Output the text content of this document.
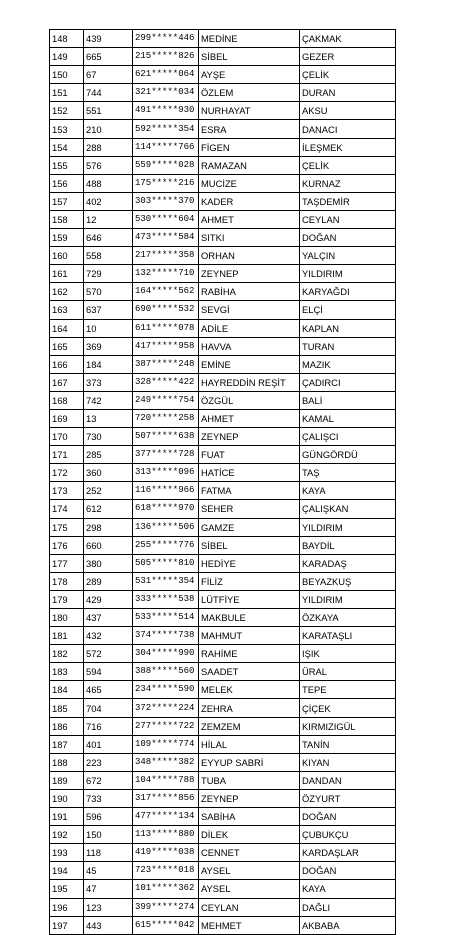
148	439	299*****446	MEDİNE	ÇAKMAK
149	665	215*****826	SİBEL	GEZER
150	67	621*****064	AYŞE	ÇELİK
151	744	321*****034	ÖZLEM	DURAN
152	551	491*****930	NURHAYAT	AKSU
153	210	592*****354	ESRA	DANACI
154	288	114*****766	FİGEN	İLEŞMEK
155	576	559*****028	RAMAZAN	ÇELİK
156	488	175*****216	MUCİZE	KURNAZ
157	402	303*****370	KADER	TAŞDEMİR
158	12	530*****604	AHMET	CEYLAN
159	646	473*****584	SITKI	DOĞAN
160	558	217*****358	ORHAN	YALÇIN
161	729	132*****710	ZEYNEP	YILDIRIM
162	570	164*****562	RABİHA	KARYAĞDI
163	637	690*****532	SEVGİ	ELÇİ
164	10	611*****078	ADİLE	KAPLAN
165	369	417*****958	HAVVA	TURAN
166	184	387*****248	EMİNE	MAZIK
167	373	328*****422	HAYREDDİN REŞİT	ÇADIRCI
168	742	249*****754	ÖZGÜL	BALİ
169	13	720*****258	AHMET	KAMAL
170	730	507*****638	ZEYNEP	ÇALIŞCI
171	285	377*****728	FUAT	GÜNGÖRDÜ
172	360	313*****096	HATİCE	TAŞ
173	252	116*****966	FATMA	KAYA
174	612	618*****970	SEHER	ÇALIŞKAN
175	298	136*****506	GAMZE	YILDIRIM
176	660	255*****776	SİBEL	BAYDİL
177	380	505*****810	HEDİYE	KARADAŞ
178	289	531*****354	FİLİZ	BEYAZKUŞ
179	429	333*****538	LÜTFİYE	YILDIRIM
180	437	533*****514	MAKBULE	ÖZKAYA
181	432	374*****738	MAHMUT	KARATAŞLI
182	572	304*****990	RAHİME	IŞIK
183	594	388*****560	SAADET	ÜRAL
184	465	234*****590	MELEK	TEPE
185	704	372*****224	ZEHRA	ÇİÇEK
186	716	277*****722	ZEMZEM	KIRMIZIGÜL
187	401	109*****774	HİLAL	TANİN
188	223	348*****382	EYYUP SABRİ	KIYAN
189	672	104*****788	TUBA	DANDAN
190	733	317*****856	ZEYNEP	ÖZYURT
191	596	477*****134	SABİHA	DOĞAN
192	150	113*****880	DİLEK	ÇUBUKÇU
193	118	419*****038	CENNET	KARDAŞLAR
194	45	723*****018	AYSEL	DOĞAN
195	47	101*****362	AYSEL	KAYA
196	123	399*****274	CEYLAN	DAĞLI
197	443	615*****042	MEHMET	AKBABA
